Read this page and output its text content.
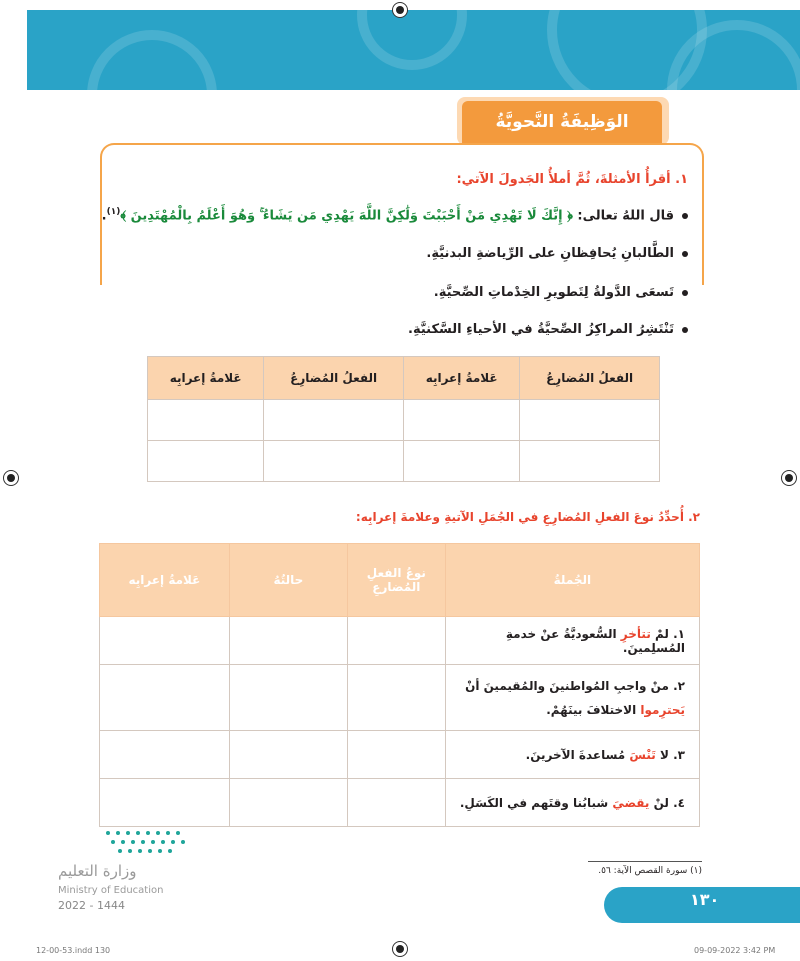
الوَظِيفَةُ النَّحويَّةُ
١. أقرأُ الأمثلةَ، ثُمَّ أملأُ الجَدولَ الآتي:
قال اللهُ تعالى: ﴿ إِنَّكَ لَا تَهْدِي مَنْ أَحْبَبْتَ وَلَٰكِنَّ اللَّهَ يَهْدِي مَن يَشَاءُ ۚ وَهُوَ أَعْلَمُ بِالْمُهْتَدِينَ ﴾$^{(١)}$.
الطَّالبانِ يُحافِظانِ على الرِّياضةِ البدنيَّةِ.
تَسعَى الدَّولةُ لِتَطويرِ الخِدْماتِ الصِّحيَّةِ.
تَنْتَشِرُ المراكِزُ الصِّحيَّةُ في الأحياءِ السَّكنيَّةِ.
الفعلُ المُضارِعُ	عَلامةُ إعرابِه	الفعلُ المُضارِعُ	عَلامةُ إعرابِه

٢. أُحدِّدُ نوعَ الفعلِ المُضارِعِ في الجُمَلِ الآتيةِ وعلامةَ إعرابِه:
الجُملةُ	نوعُ الفعلِ المُضارعِ	حالتُهُ	عَلامةُ إعرابِه
١. لمْ تتأخرِ السُّعوديَّةُ عنْ خدمةِ المُسلِمينَ.			
٢. منْ واجبِ المُواطنينَ والمُقيمينَ أنْ يَحترِموا الاختلافَ بينَهُمْ.			
٣. لا تَنْسَ مُساعدةَ الآخرينَ.			
٤. لنْ يقضيَ شبابُنا وقتَهم في الكَسَلِ.			
وزارة التعليم
Ministry of Education
2022 - 1444
(١) سورة القصص الآية: ٥٦.
١٣٠
12-00-53.indd 130	09-09-2022 3:42 PM
